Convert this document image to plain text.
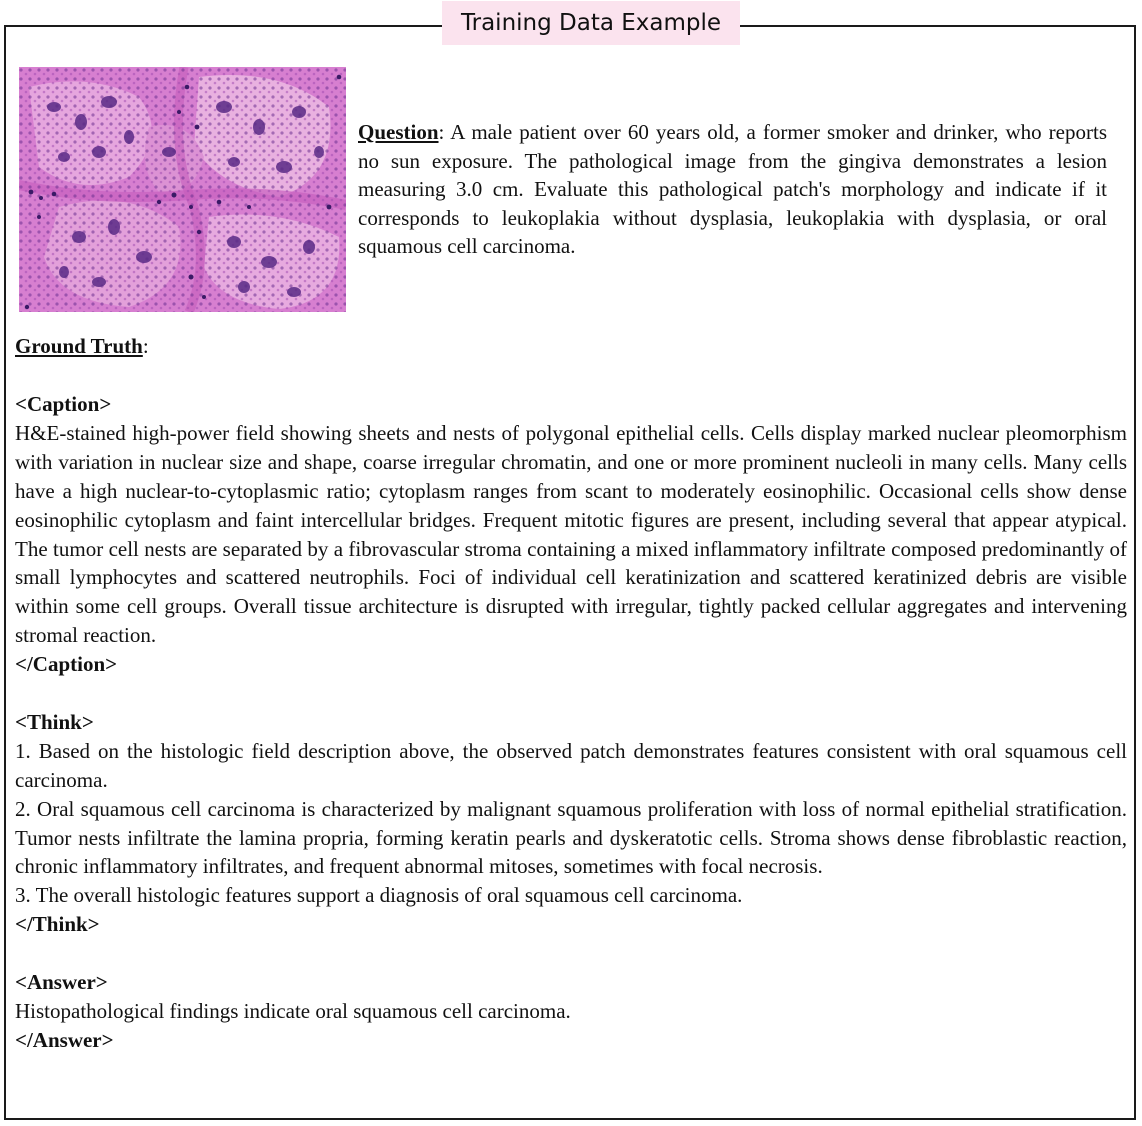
Training Data Example
Question: A male patient over 60 years old, a former smoker and drinker, who reports no sun exposure. The pathological image from the gingiva demonstrates a lesion measuring 3.0 cm. Evaluate this pathological patch's morphology and indicate if it corresponds to leukoplakia without dysplasia, leukoplakia with dysplasia, or oral squamous cell carcinoma.
Ground Truth:
<Caption>
H&E-stained high-power field showing sheets and nests of polygonal epithelial cells. Cells display marked nuclear pleomorphism with variation in nuclear size and shape, coarse irregular chromatin, and one or more prominent nucleoli in many cells. Many cells have a high nuclear-to-cytoplasmic ratio; cytoplasm ranges from scant to moderately eosinophilic. Occasional cells show dense eosinophilic cytoplasm and faint intercellular bridges. Frequent mitotic figures are present, including several that appear atypical. The tumor cell nests are separated by a fibrovascular stroma containing a mixed inflammatory infiltrate composed predominantly of small lymphocytes and scattered neutrophils. Foci of individual cell keratinization and scattered keratinized debris are visible within some cell groups. Overall tissue architecture is disrupted with irregular, tightly packed cellular aggregates and intervening stromal reaction.
</Caption>
<Think>
1. Based on the histologic field description above, the observed patch demonstrates features consistent with oral squamous cell carcinoma.
2. Oral squamous cell carcinoma is characterized by malignant squamous proliferation with loss of normal epithelial stratification. Tumor nests infiltrate the lamina propria, forming keratin pearls and dyskeratotic cells. Stroma shows dense fibroblastic reaction, chronic inflammatory infiltrates, and frequent abnormal mitoses, sometimes with focal necrosis.
3. The overall histologic features support a diagnosis of oral squamous cell carcinoma.
</Think>
<Answer>
Histopathological findings indicate oral squamous cell carcinoma.
</Answer>
